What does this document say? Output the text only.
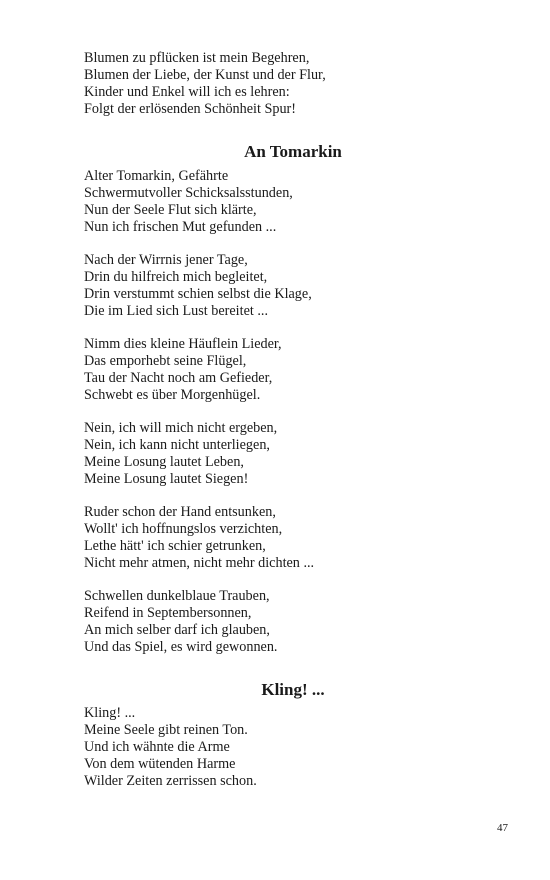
Blumen zu pflücken ist mein Begehren,
Blumen der Liebe, der Kunst und der Flur,
Kinder und Enkel will ich es lehren:
Folgt der erlösenden Schönheit Spur!
An Tomarkin
Alter Tomarkin, Gefährte
Schwermutvoller Schicksalsstunden,
Nun der Seele Flut sich klärte,
Nun ich frischen Mut gefunden ...
Nach der Wirrnis jener Tage,
Drin du hilfreich mich begleitet,
Drin verstummt schien selbst die Klage,
Die im Lied sich Lust bereitet ...
Nimm dies kleine Häuflein Lieder,
Das emporhebt seine Flügel,
Tau der Nacht noch am Gefieder,
Schwebt es über Morgenhügel.
Nein, ich will mich nicht ergeben,
Nein, ich kann nicht unterliegen,
Meine Losung lautet Leben,
Meine Losung lautet Siegen!
Ruder schon der Hand entsunken,
Wollt' ich hoffnungslos verzichten,
Lethe hätt' ich schier getrunken,
Nicht mehr atmen, nicht mehr dichten ...
Schwellen dunkelblaue Trauben,
Reifend in Septembersonnen,
An mich selber darf ich glauben,
Und das Spiel, es wird gewonnen.
Kling! ...
Kling! ...
Meine Seele gibt reinen Ton.
Und ich wähnte die Arme
Von dem wütenden Harme
Wilder Zeiten zerrissen schon.
47
